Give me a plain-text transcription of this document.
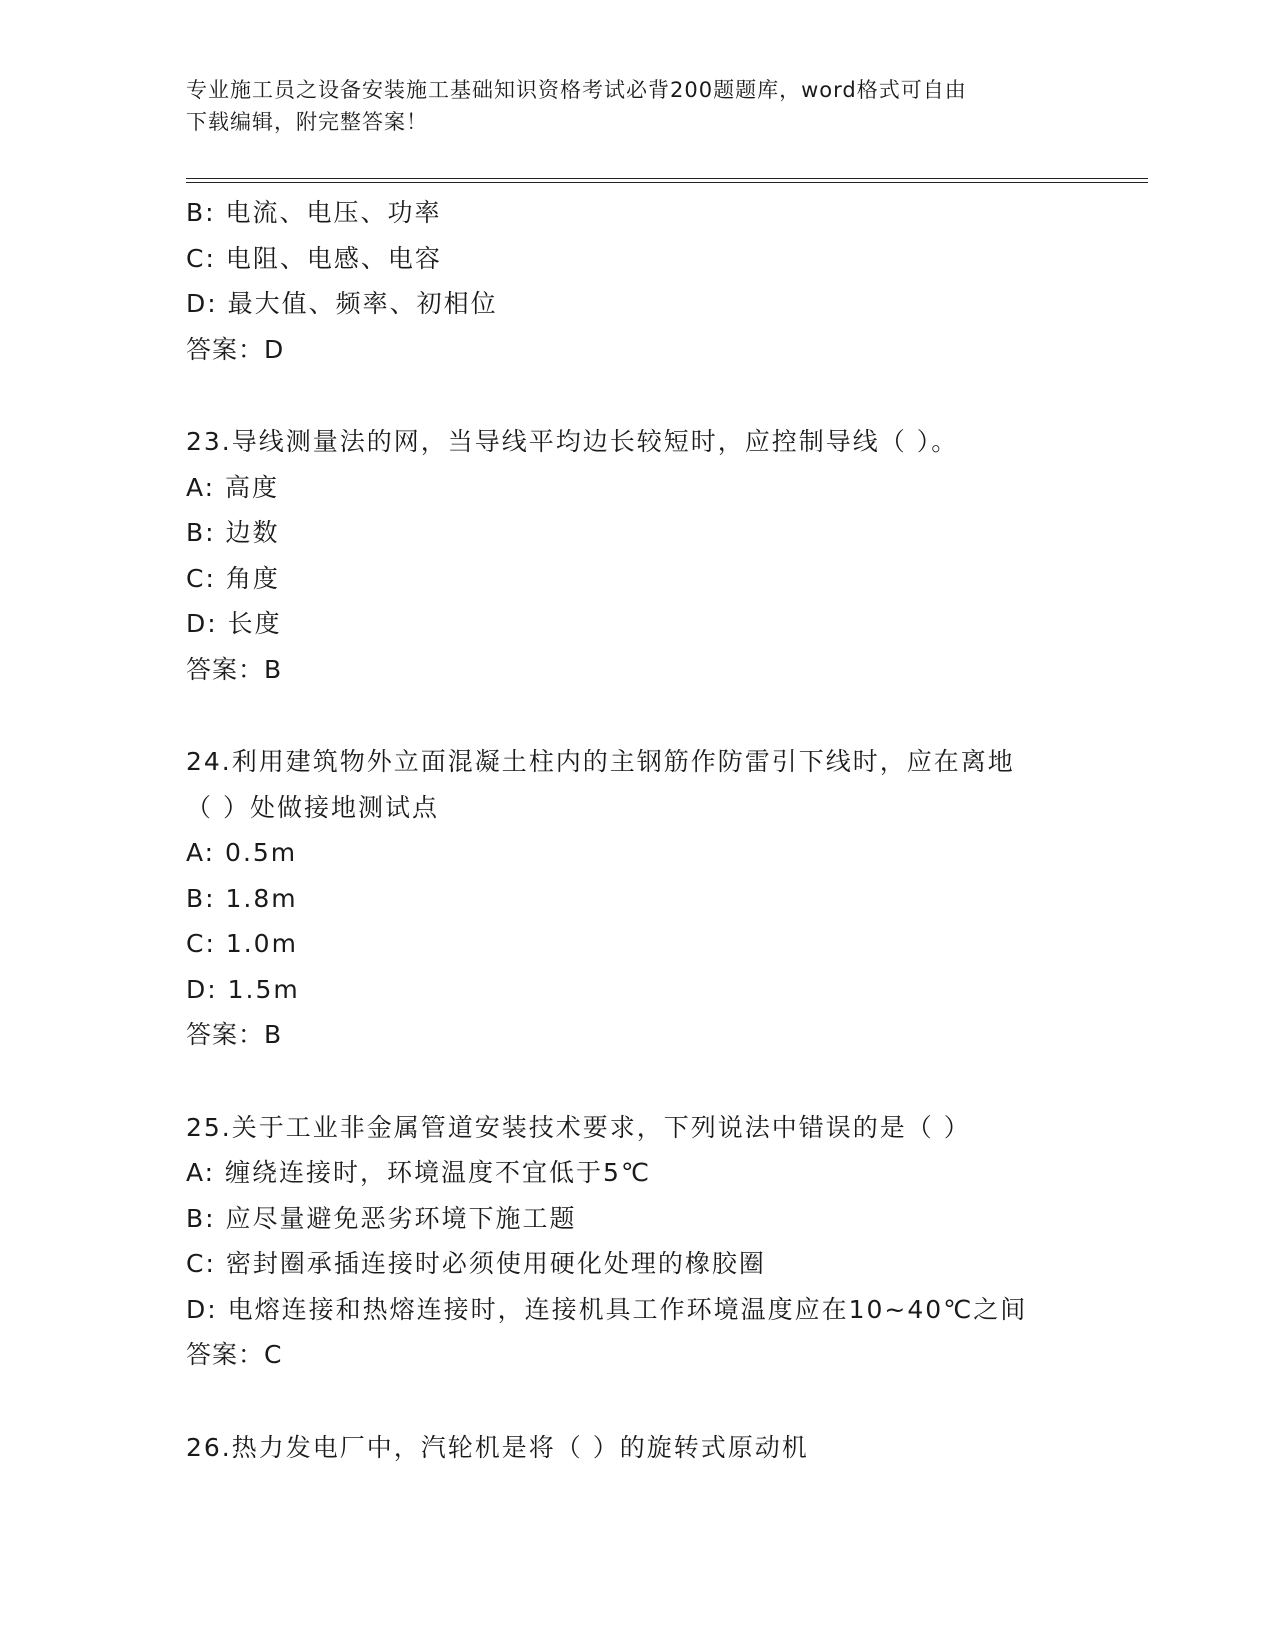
专业施工员之设备安装施工基础知识资格考试必背200题题库，word格式可自由
下载编辑，附完整答案！
B: 电流、电压、功率
C: 电阻、电感、电容
D: 最大值、频率、初相位
答案：D
23.导线测量法的网，当导线平均边长较短时，应控制导线（ ）。
A: 高度
B: 边数
C: 角度
D: 长度
答案：B
24.利用建筑物外立面混凝土柱内的主钢筋作防雷引下线时，应在离地
（ ）处做接地测试点
A: 0.5m
B: 1.8m
C: 1.0m
D: 1.5m
答案：B
25.关于工业非金属管道安装技术要求，下列说法中错误的是（ ）
A: 缠绕连接时，环境温度不宜低于5℃
B: 应尽量避免恶劣环境下施工题
C: 密封圈承插连接时必须使用硬化处理的橡胶圈
D: 电熔连接和热熔连接时，连接机具工作环境温度应在10~40℃之间
答案：C
26.热力发电厂中，汽轮机是将（ ）的旋转式原动机
